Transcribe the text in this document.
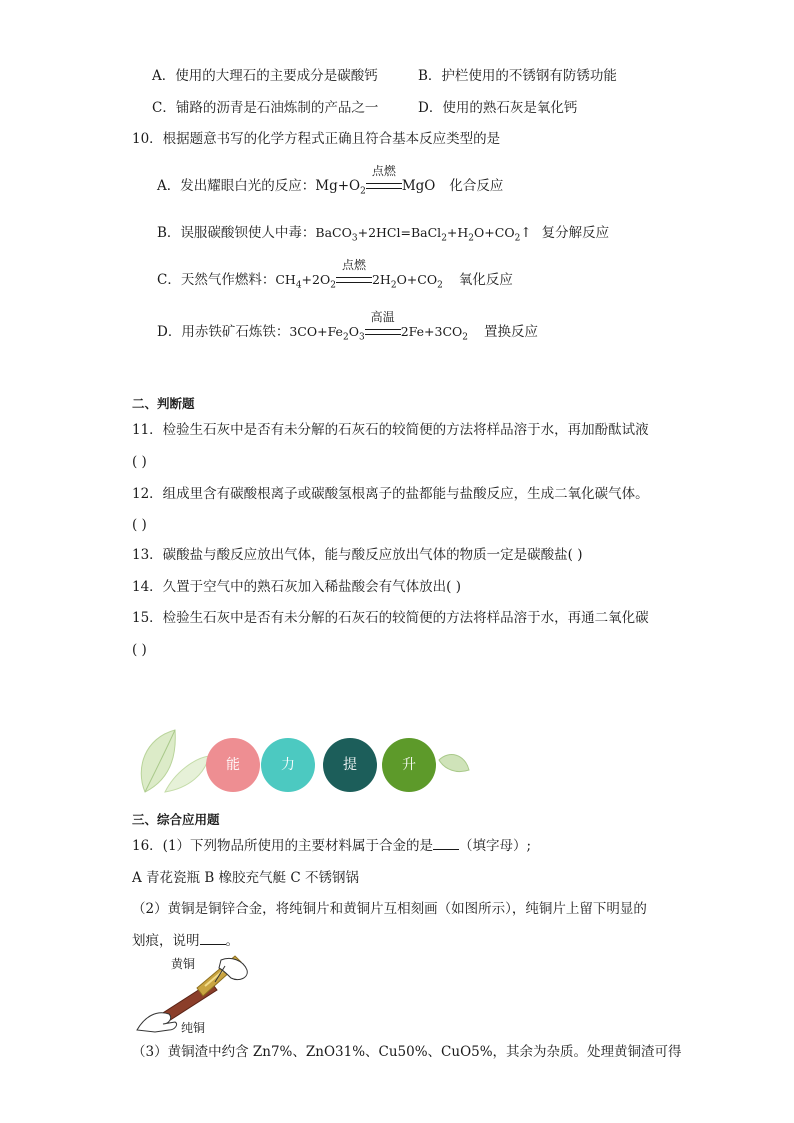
A．使用的大理石的主要成分是碳酸钙	B．护栏使用的不锈钢有防锈功能
C．铺路的沥青是石油炼制的产品之一	D．使用的熟石灰是氧化钙
10．根据题意书写的化学方程式正确且符合基本反应类型的是
A．发出耀眼白光的反应：$Mg+O_2$
点燃
MgO 化合反应
B．误服碳酸钡使人中毒：$BaCO_3+2HCl=BaCl_2+H_2O+CO_2↑$ 复分解反应
C．天然气作燃料：$CH_4+2O_2$
点燃
$2H_2O+CO_2$ 氧化反应
D．用赤铁矿石炼铁：$3CO+Fe_2O_3$
高温
$2Fe+3CO_2$ 置换反应
二、判断题
11．检验生石灰中是否有未分解的石灰石的较简便的方法将样品溶于水，再加酚酞试液
( )
12．组成里含有碳酸根离子或碳酸氢根离子的盐都能与盐酸反应，生成二氧化碳气体。
( )
13．碳酸盐与酸反应放出气体，能与酸反应放出气体的物质一定是碳酸盐( )
14．久置于空气中的熟石灰加入稀盐酸会有气体放出( )
15．检验生石灰中是否有未分解的石灰石的较简便的方法将样品溶于水，再通二氧化碳
( )
能	力	提	升
三、综合应用题
16．(1）下列物品所使用的主要材料属于合金的是 （填字母）;
A 青花瓷瓶 B 橡胶充气艇 C 不锈钢锅
（2）黄铜是铜锌合金，将纯铜片和黄铜片互相刻画（如图所示），纯铜片上留下明显的
划痕，说明 。
黄铜
纯铜
（3）黄铜渣中约含 Zn7%、ZnO31%、Cu50%、CuO5%，其余为杂质。处理黄铜渣可得
